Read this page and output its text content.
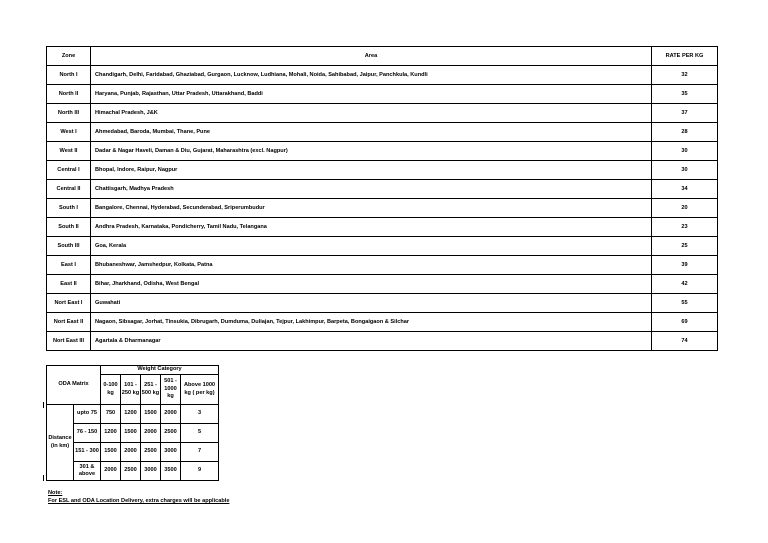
Zone	Area	RATE PER KG
North I	Chandigarh, Delhi, Faridabad, Ghaziabad, Gurgaon, Lucknow, Ludhiana, Mohali, Noida, Sahibabad, Jaipur, Panchkula, Kundli	32
North II	Haryana, Punjab, Rajasthan, Uttar Pradesh, Uttarakhand, Baddi	35
North III	Himachal Pradesh, J&K	37
West I	Ahmedabad, Baroda, Mumbai, Thane, Pune	28
West II	Dadar & Nagar Haveli, Daman & Diu, Gujarat, Maharashtra (excl. Nagpur)	30
Central I	Bhopal, Indore, Raipur, Nagpur	30
Central II	Chattisgarh, Madhya Pradesh	34
South I	Bangalore, Chennai, Hyderabad, Secunderabad, Sriperumbudur	20
South II	Andhra Pradesh, Karnataka, Pondicherry, Tamil Nadu, Telangana	23
South III	Goa, Kerala	25
East I	Bhubaneshwar, Jamshedpur, Kolkata, Patna	39
East II	Bihar, Jharkhand, Odisha, West Bengal	42
Nort East I	Guwahati	55
Nort East II	Nagaon, Sibsagar, Jorhat, Tinsukia, Dibrugarh, Dumduma, Duliajan, Tejpur, Lakhimpur, Barpeta, Bongaigaon & Silchar	69
Nort East III	Agartala & Dharmanagar	74
ODA Matrix		Weight Category				
		0-100 kg	101 - 250 kg	251 - 500 kg	501 - 1000 kg	Above 1000 kg ( per kg)
Distance (in km)	upto 75	750	1200	1500	2000	3
	76 - 150	1200	1500	2000	2500	5
	151 - 300	1500	2000	2500	3000	7
	301 & above	2000	2500	3000	3500	9
Note:
For ESL and ODA Location Delivery, extra charges will be applicable
